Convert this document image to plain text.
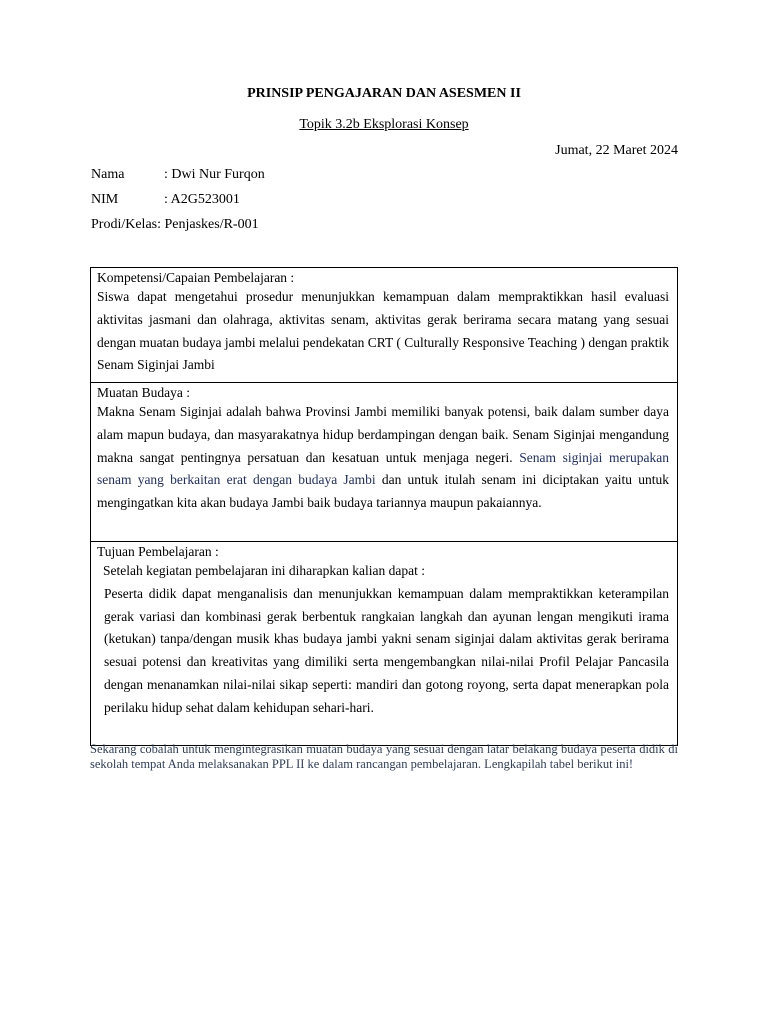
PRINSIP PENGAJARAN DAN ASESMEN II
Topik 3.2b Eksplorasi Konsep
Jumat, 22 Maret 2024
Nama	: Dwi Nur Furqon
NIM	: A2G523001
Prodi/Kelas: Penjaskes/R-001
Kompetensi/Capaian Pembelajaran :
Siswa dapat mengetahui prosedur menunjukkan kemampuan dalam mempraktikkan hasil evaluasi aktivitas jasmani dan olahraga, aktivitas senam, aktivitas gerak berirama secara matang yang sesuai dengan muatan budaya jambi melalui pendekatan CRT ( Culturally Responsive Teaching ) dengan praktik Senam Siginjai Jambi
Muatan Budaya :
Makna Senam Siginjai adalah bahwa Provinsi Jambi memiliki banyak potensi, baik dalam sumber daya alam mapun budaya, dan masyarakatnya hidup berdampingan dengan baik. Senam Siginjai mengandung makna sangat pentingnya persatuan dan kesatuan untuk menjaga negeri. Senam siginjai merupakan senam yang berkaitan erat dengan budaya Jambi dan untuk itulah senam ini diciptakan yaitu untuk mengingatkan kita akan budaya Jambi baik budaya tariannya maupun pakaiannya.
Tujuan Pembelajaran :
Setelah kegiatan pembelajaran ini diharapkan kalian dapat :
Peserta didik dapat menganalisis dan menunjukkan kemampuan dalam mempraktikkan keterampilan gerak variasi dan kombinasi gerak berbentuk rangkaian langkah dan ayunan lengan mengikuti irama (ketukan) tanpa/dengan musik khas budaya jambi yakni senam siginjai dalam aktivitas gerak berirama sesuai potensi dan kreativitas yang dimiliki serta mengembangkan nilai-nilai Profil Pelajar Pancasila dengan menanamkan nilai-nilai sikap seperti: mandiri dan gotong royong, serta dapat menerapkan pola perilaku hidup sehat dalam kehidupan sehari-hari.
Sekarang cobalah untuk mengintegrasikan muatan budaya yang sesuai dengan latar belakang budaya peserta didik di sekolah tempat Anda melaksanakan PPL II ke dalam rancangan pembelajaran. Lengkapilah tabel berikut ini!
